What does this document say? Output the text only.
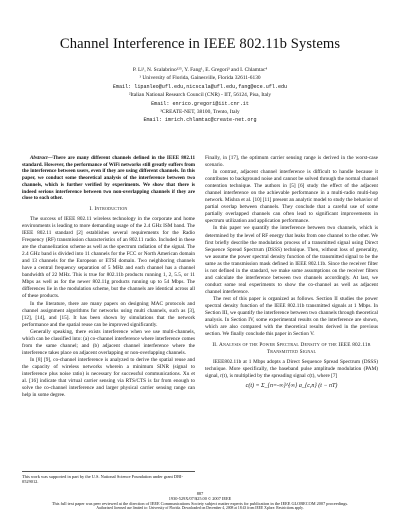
Channel Interference in IEEE 802.11b Systems
P. Li¹, N. Scalabrino¹²⁵, Y. Fang¹, E. Gregori³ and I. Chlamtac⁴
¹ University of Florida, Gainesville, Florida 32611-6130
Email: lipanleo@ufl.edu,nicscala@ufl.edu,fang@ece.ufl.edu
²Italian National Research Council (CNR) - IIT, 56124, Pisa, Italy
Email: enrico.gregori@iit.cnr.it
³CREATE-NET, 38100, Trento, Italy
Email: imrich.chlamtac@create-net.org

Abstract—There are many different channels defined in the IEEE 802.11 standard. However, the performance of WiFi networks still greatly suffers from the interference between users, even if they are using different channels. In this paper, we conduct some theoretical analysis of the interference between two channels, which is further verified by experiments. We show that there is indeed serious interference between two non-overlapping channels if they are close to each other.

I. Introduction

The success of IEEE 802.11 wireless technology in the corporate and home environments is leading to more demanding usage of the 2.4 GHz ISM band. The IEEE 802.11 standard [2] establishes several requirements for the Radio Frequency (RF) transmission characteristics of an 802.11 radio. Included in these are the channelization scheme as well as the spectrum radiation of the signal. The 2.4 GHz band is divided into 11 channels for the FCC or North American domain and 13 channels for the European or ETSI domain. Two neighboring channels have a central frequency separation of 5 MHz and each channel has a channel bandwidth of 22 MHz. This is true for 802.11b products running 1, 2, 5.5, or 11 Mbps as well as for the newer 802.11g products running up to 54 Mbps. The differences lie in the modulation scheme, but the channels are identical across all of these products.

In the literature, there are many papers on designing MAC protocols and channel assignment algorithms for networks using multi channels, such as [3], [12], [14], and [15]. It has been shown by simulations that the network performance and the spatial reuse can be improved significantly.

Generally speaking, there exists interference when we use multi-channels, which can be classified into: (a) co-channel interference where interference comes from the same channel; and (b) adjacent channel interference where the interference takes place on adjacent overlapping or non-overlapping channels.

In [8] [9], co-channel interference is analyzed to derive the spatial reuse and the capacity of wireless networks wherein a minimum SINR (signal to interference plus noise ratio) is necessary for successful communications. Xu et al. [16] indicate that virtual carrier sensing via RTS/CTS is far from enough to solve the co-channel interference and larger physical carrier sensing range can help in some degree.

Finally, in [17], the optimum carrier sensing range is derived in the worst-case scenario.

In contrast, adjacent channel interference is difficult to handle because it contributes to background noise and cannot be solved through the normal channel contention technique. The authors in [5] [6] study the effect of the adjacent channel interference on the achievable performance in a multi-radio multi-hop network. Mishra et al. [10] [11] present an analytic model to study the behavior of partial overlap between channels. They conclude that a careful use of some partially overlapped channels can often lead to significant improvements in spectrum utilization and application performance.

In this paper we quantify the interference between two channels, which is determined by the level of RF energy that leaks from one channel to the other. We first briefly describe the modulation process of a transmitted signal using Direct Sequence Spread Spectrum (DSSS) technique. Then, without loss of generality, we assume the power spectral density function of the transmitted signal to be the same as the transmission mask defined in IEEE 802.11b. Since the receiver filter is not defined in the standard, we make some assumptions on the receiver filters and calculate the interference between two channels accordingly. At last, we conduct some real experiments to show the co-channel as well as adjacent channel interference.

The rest of this paper is organized as follows. Section II studies the power spectral density function of the IEEE 802.11b transmitted signals at 1 Mbps. In Section III, we quantify the interference between two channels through theoretical analysis. In Section IV, some experimental results on the interference are shown, which are also compared with the theoretical results derived in the previous section. We finally conclude this paper in Section V.

II. Analysis of the Power Spectral Density of the IEEE 802.11b Transmitted Signal

IEEE802.11b at 1 Mbps adopts a Direct Sequence Spread Spectrum (DSSS) technique. More specifically, the baseband pulse amplitude modulation (PAM) signal, r(t), is multiplied by the spreading signal c(t), where [7]

c(t) = Σ_{n=-∞}^{∞} a_{c,n} (t − nT)
This work was supported in part by the U.S. National Science Foundation under grant DBI-0529012.
887
1930-529X/07/$25.00 © 2007 IEEE
This full text paper was peer reviewed at the direction of IEEE Communications Society subject matter experts for publication in the IEEE GLOBECOM 2007 proceedings.
Authorized licensed use limited to: University of Florida. Downloaded on December 4, 2008 at 18:43 from IEEE Xplore. Restrictions apply.
